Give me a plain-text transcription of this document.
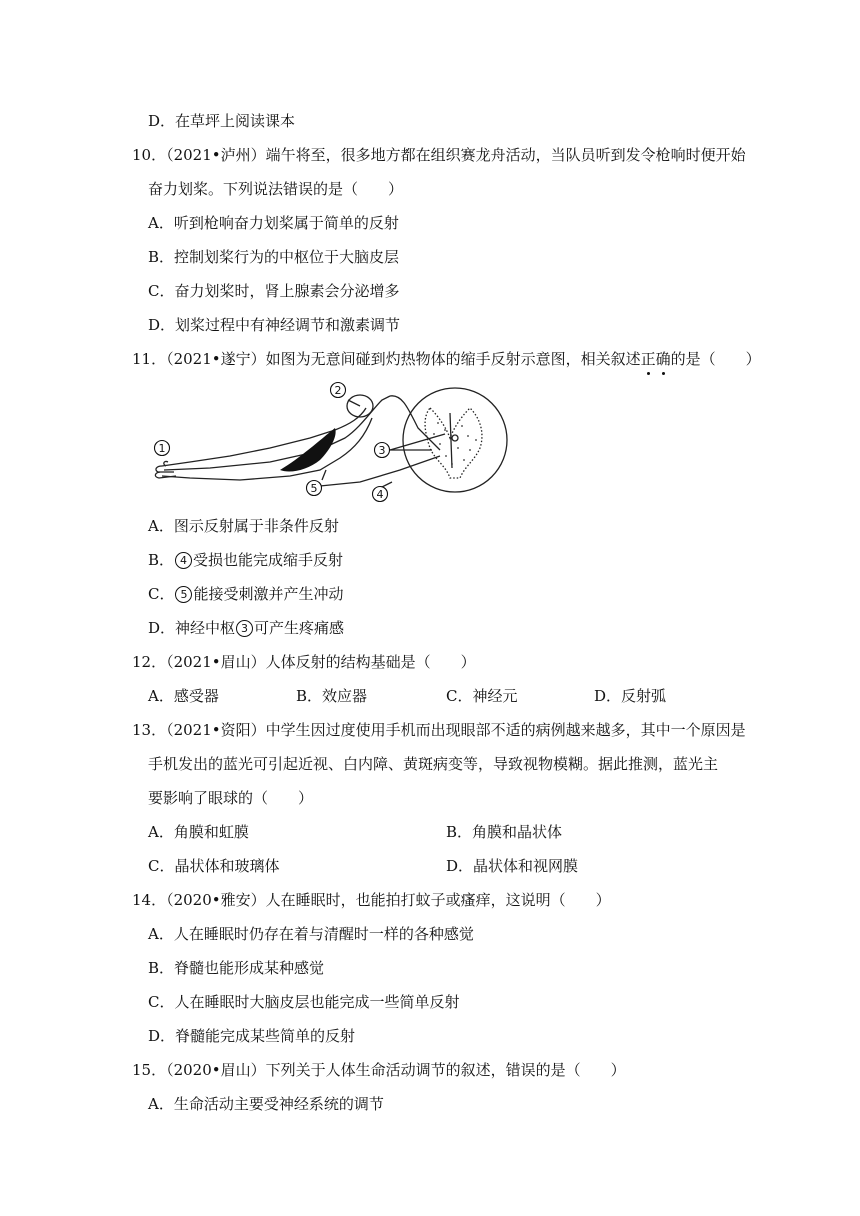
D．在草坪上阅读课本
10．（2021•泸州）端午将至，很多地方都在组织赛龙舟活动，当队员听到发令枪响时便开始
奋力划桨。下列说法错误的是（　　）
A．听到枪响奋力划桨属于简单的反射
B．控制划桨行为的中枢位于大脑皮层
C．奋力划桨时，肾上腺素会分泌增多
D．划桨过程中有神经调节和激素调节
11．（2021•遂宁）如图为无意间碰到灼热物体的缩手反射示意图，相关叙述正
确
的是（　　）
1
2
3
4
5
A．图示反射属于非条件反射
B． 4 受损也能完成缩手反射
C． 5 能接受刺激并产生冲动
D．神经中枢 3 可产生疼痛感
12．（2021•眉山）人体反射的结构基础是（　　）
A．感受器	B．效应器	C．神经元	D．反射弧
13．（2021•资阳）中学生因过度使用手机而出现眼部不适的病例越来越多，其中一个原因是
手机发出的蓝光可引起近视、白内障、黄斑病变等，导致视物模糊。据此推测，蓝光主
要影响了眼球的（　　）
A．角膜和虹膜	B．角膜和晶状体
C．晶状体和玻璃体	D．晶状体和视网膜
14．（2020•雅安）人在睡眠时，也能拍打蚊子或瘙痒，这说明（　　）
A．人在睡眠时仍存在着与清醒时一样的各种感觉
B．脊髓也能形成某种感觉
C．人在睡眠时大脑皮层也能完成一些简单反射
D．脊髓能完成某些简单的反射
15．（2020•眉山）下列关于人体生命活动调节的叙述，错误的是（　　）
A．生命活动主要受神经系统的调节
